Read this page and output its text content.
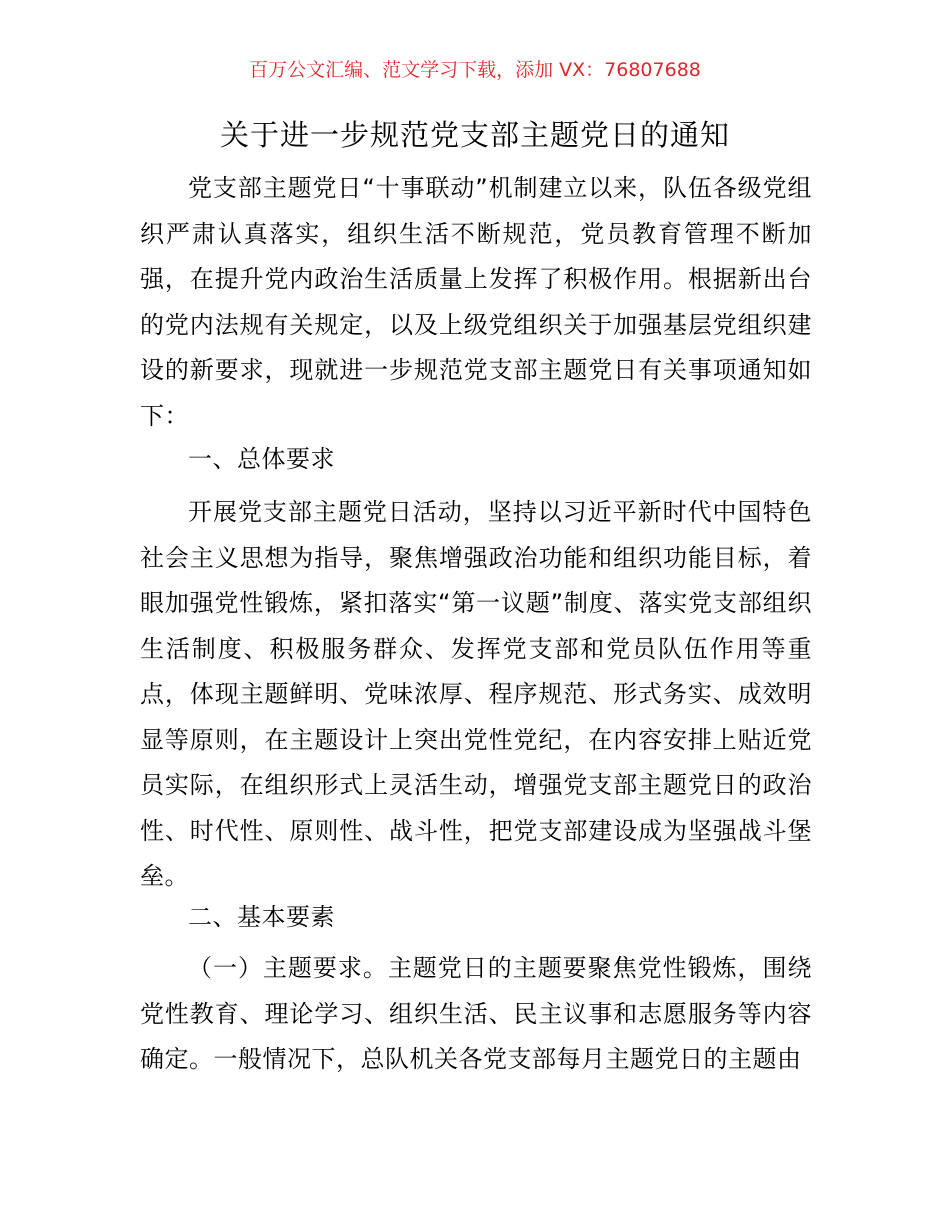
百万公文汇编、范文学习下载，添加 VX：76807688
关于进一步规范党支部主题党日的通知

党支部主题党日“十事联动”机制建立以来，队伍各级党组织严肃认真落实，组织生活不断规范，党员教育管理不断加强，在提升党内政治生活质量上发挥了积极作用。根据新出台的党内法规有关规定，以及上级党组织关于加强基层党组织建设的新要求，现就进一步规范党支部主题党日有关事项通知如下：

一、总体要求

开展党支部主题党日活动，坚持以习近平新时代中国特色社会主义思想为指导，聚焦增强政治功能和组织功能目标，着眼加强党性锻炼，紧扣落实“第一议题”制度、落实党支部组织生活制度、积极服务群众、发挥党支部和党员队伍作用等重点，体现主题鲜明、党味浓厚、程序规范、形式务实、成效明显等原则，在主题设计上突出党性党纪，在内容安排上贴近党员实际，在组织形式上灵活生动，增强党支部主题党日的政治性、时代性、原则性、战斗性，把党支部建设成为坚强战斗堡垒。

二、基本要素

（一）主题要求。主题党日的主题要聚焦党性锻炼，围绕党性教育、理论学习、组织生活、民主议事和志愿服务等内容确定。一般情况下，总队机关各党支部每月主题党日的主题由
